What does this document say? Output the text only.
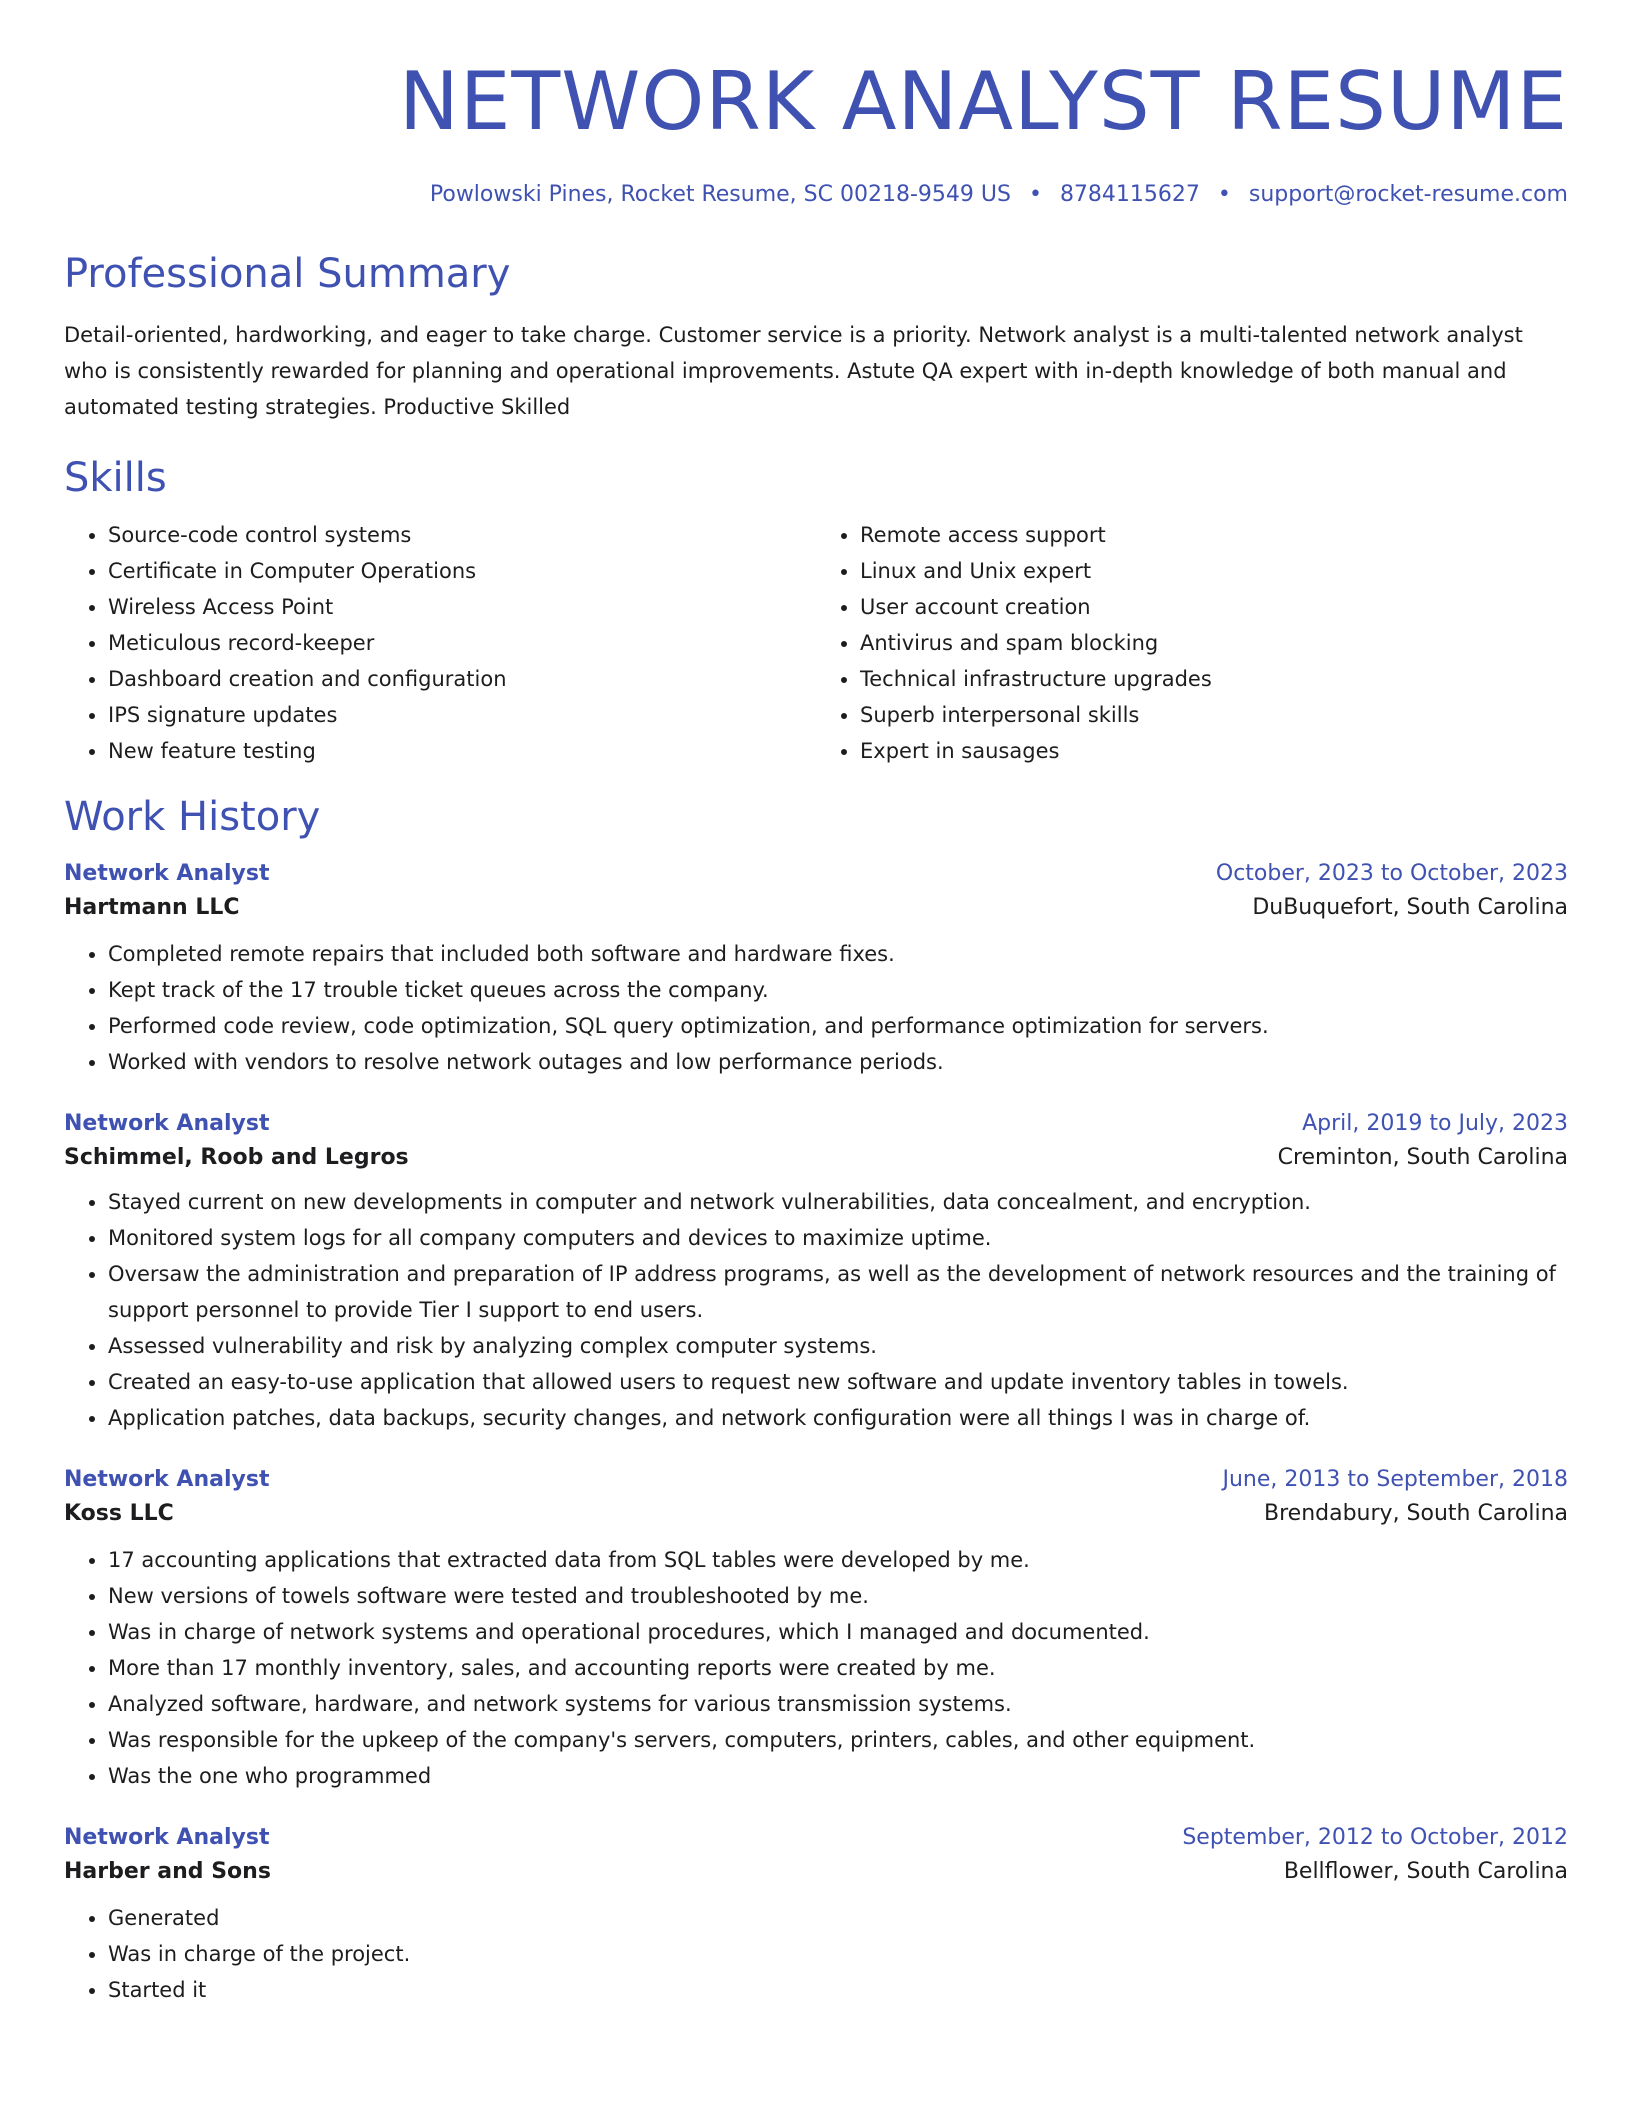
NETWORK ANALYST RESUME
Powlowski Pines, Rocket Resume, SC 00218-9549 US • 8784115627 • support@rocket-resume.com
Professional Summary

Detail-oriented, hardworking, and eager to take charge. Customer service is a priority. Network analyst is a multi-talented network analyst who is consistently rewarded for planning and operational improvements. Astute QA expert with in-depth knowledge of both manual and automated testing strategies. Productive Skilled

Skills
• Source-code control systems
• Certificate in Computer Operations
• Wireless Access Point
• Meticulous record-keeper
• Dashboard creation and configuration
• IPS signature updates
• New feature testing
• Remote access support
• Linux and Unix expert
• User account creation
• Antivirus and spam blocking
• Technical infrastructure upgrades
• Superb interpersonal skills
• Expert in sausages
Work History
Network Analyst	October, 2023 to October, 2023
Hartmann LLC	DuBuquefort, South Carolina
• Completed remote repairs that included both software and hardware fixes.
• Kept track of the 17 trouble ticket queues across the company.
• Performed code review, code optimization, SQL query optimization, and performance optimization for servers.
• Worked with vendors to resolve network outages and low performance periods.
Network Analyst	April, 2019 to July, 2023
Schimmel, Roob and Legros	Creminton, South Carolina
• Stayed current on new developments in computer and network vulnerabilities, data concealment, and encryption.
• Monitored system logs for all company computers and devices to maximize uptime.
• Oversaw the administration and preparation of IP address programs, as well as the development of network resources and the training of support personnel to provide Tier I support to end users.
• Assessed vulnerability and risk by analyzing complex computer systems.
• Created an easy-to-use application that allowed users to request new software and update inventory tables in towels.
• Application patches, data backups, security changes, and network configuration were all things I was in charge of.
Network Analyst	June, 2013 to September, 2018
Koss LLC	Brendabury, South Carolina
• 17 accounting applications that extracted data from SQL tables were developed by me.
• New versions of towels software were tested and troubleshooted by me.
• Was in charge of network systems and operational procedures, which I managed and documented.
• More than 17 monthly inventory, sales, and accounting reports were created by me.
• Analyzed software, hardware, and network systems for various transmission systems.
• Was responsible for the upkeep of the company's servers, computers, printers, cables, and other equipment.
• Was the one who programmed
Network Analyst	September, 2012 to October, 2012
Harber and Sons	Bellflower, South Carolina
• Generated
• Was in charge of the project.
• Started it
